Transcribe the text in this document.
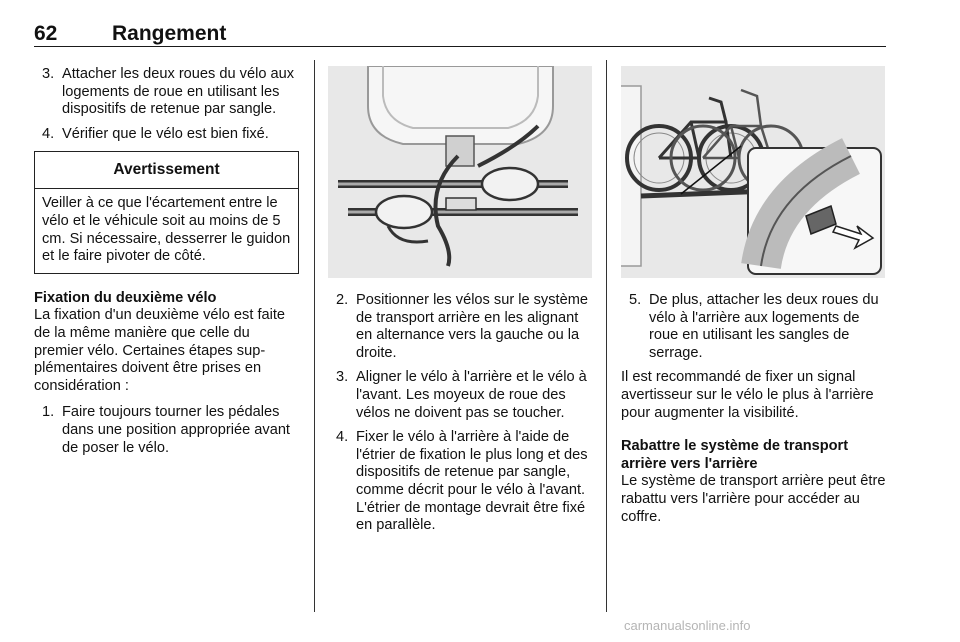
62	Rangement
3. Attacher les deux roues du vélo aux logements de roue en utilisant les dispositifs de retenue par sangle.
4. Vérifier que le vélo est bien fixé.
Avertissement
Veiller à ce que l'écartement entre le vélo et le véhicule soit au moins de 5 cm. Si nécessaire, desserrer le guidon et le faire pivoter de côté.

Fixation du deuxième vélo

La fixation d'un deuxième vélo est faite de la même manière que celle du premier vélo. Certaines étapes supplémentaires doivent être prises en considération :

1. Faire toujours tourner les pédales dans une position appropriée avant de poser le vélo.
2. Positionner les vélos sur le système de transport arrière en les alignant en alternance vers la gauche ou la droite.
3. Aligner le vélo à l'arrière et le vélo à l'avant. Les moyeux de roue des vélos ne doivent pas se toucher.
4. Fixer le vélo à l'arrière à l'aide de l'étrier de fixation le plus long et des dispositifs de retenue par sangle, comme décrit pour le vélo à l'avant. L'étrier de montage devrait être fixé en parallèle.
5. De plus, attacher les deux roues du vélo à l'arrière aux logements de roue en utilisant les sangles de serrage.

Il est recommandé de fixer un signal avertisseur sur le vélo le plus à l'arrière pour augmenter la visibilité.

Rabattre le système de transport arrière vers l'arrière

Le système de transport arrière peut être rabattu vers l'arrière pour accéder au coffre.

carmanualsonline.info
